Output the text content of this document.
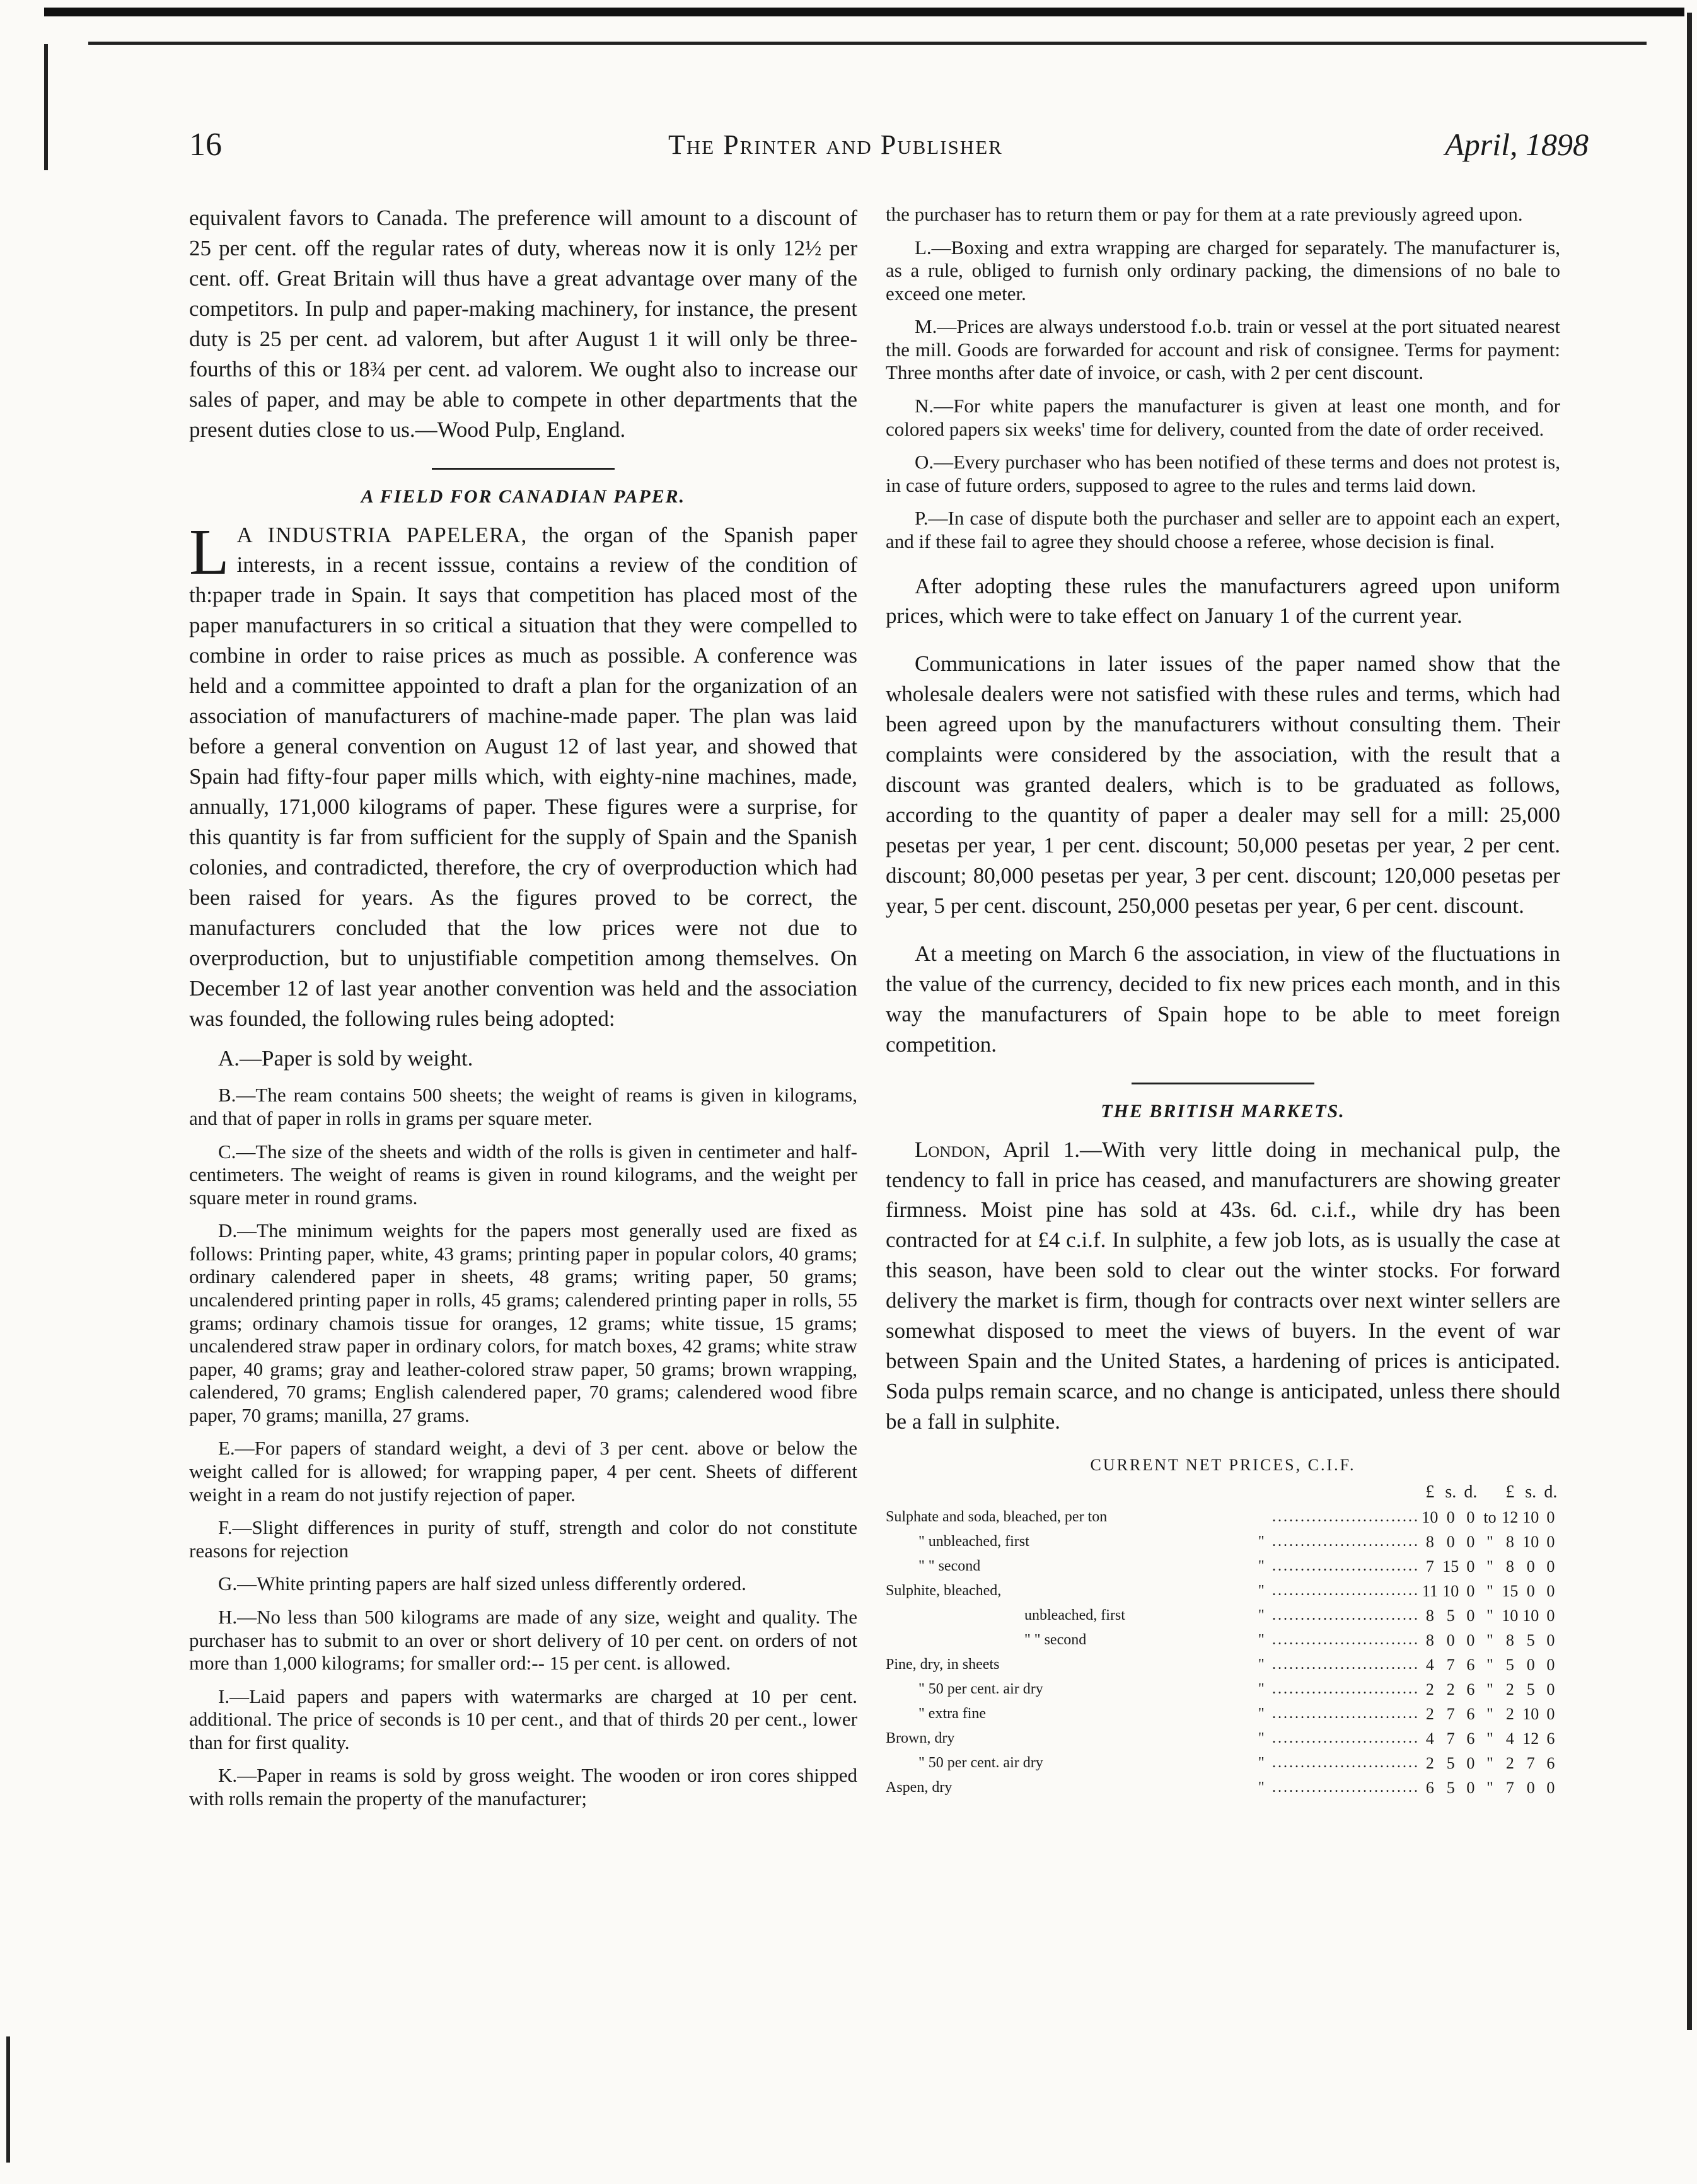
16	The Printer and Publisher	April, 1898

equivalent favors to Canada. The preference will amount to a discount of 25 per cent. off the regular rates of duty, whereas now it is only 12½ per cent. off. Great Britain will thus have a great advantage over many of the competitors. In pulp and paper-making machinery, for instance, the present duty is 25 per cent. ad valorem, but after August 1 it will only be three-fourths of this or 18¾ per cent. ad valorem. We ought also to increase our sales of paper, and may be able to compete in other departments that the present duties close to us.—Wood Pulp, England.

A FIELD FOR CANADIAN PAPER.

L A INDUSTRIA PAPELERA, the organ of the Spanish paper interests, in a recent isssue, contains a review of the condition of th:paper trade in Spain. It says that competition has placed most of the paper manufacturers in so critical a situation that they were compelled to combine in order to raise prices as much as possible. A conference was held and a committee appointed to draft a plan for the organization of an association of manufacturers of machine-made paper. The plan was laid before a general convention on August 12 of last year, and showed that Spain had fifty-four paper mills which, with eighty-nine machines, made, annually, 171,000 kilograms of paper. These figures were a surprise, for this quantity is far from sufficient for the supply of Spain and the Spanish colonies, and contradicted, therefore, the cry of overproduction which had been raised for years. As the figures proved to be correct, the manufacturers concluded that the low prices were not due to overproduction, but to unjustifiable competition among themselves. On December 12 of last year another convention was held and the association was founded, the following rules being adopted:

A.—Paper is sold by weight.

B.—The ream contains 500 sheets; the weight of reams is given in kilograms, and that of paper in rolls in grams per square meter.

C.—The size of the sheets and width of the rolls is given in centimeter and half-centimeters. The weight of reams is given in round kilograms, and the weight per square meter in round grams.

D.—The minimum weights for the papers most generally used are fixed as follows: Printing paper, white, 43 grams; printing paper in popular colors, 40 grams; ordinary calendered paper in sheets, 48 grams; writing paper, 50 grams; uncalendered printing paper in rolls, 45 grams; calendered printing paper in rolls, 55 grams; ordinary chamois tissue for oranges, 12 grams; white tissue, 15 grams; uncalendered straw paper in ordinary colors, for match boxes, 42 grams; white straw paper, 40 grams; gray and leather-colored straw paper, 50 grams; brown wrapping, calendered, 70 grams; English calendered paper, 70 grams; calendered wood fibre paper, 70 grams; manilla, 27 grams.

E.—For papers of standard weight, a devi of 3 per cent. above or below the weight called for is allowed; for wrapping paper, 4 per cent. Sheets of different weight in a ream do not justify rejection of paper.

F.—Slight differences in purity of stuff, strength and color do not constitute reasons for rejection

G.—White printing papers are half sized unless differently ordered.

H.—No less than 500 kilograms are made of any size, weight and quality. The purchaser has to submit to an over or short delivery of 10 per cent. on orders of not more than 1,000 kilograms; for smaller ord:-- 15 per cent. is allowed.

I.—Laid papers and papers with watermarks are charged at 10 per cent. additional. The price of seconds is 10 per cent., and that of thirds 20 per cent., lower than for first quality.

K.—Paper in reams is sold by gross weight. The wooden or iron cores shipped with rolls remain the property of the manufacturer;

the purchaser has to return them or pay for them at a rate previously agreed upon.

L.—Boxing and extra wrapping are charged for separately. The manufacturer is, as a rule, obliged to furnish only ordinary packing, the dimensions of no bale to exceed one meter.

M.—Prices are always understood f.o.b. train or vessel at the port situated nearest the mill. Goods are forwarded for account and risk of consignee. Terms for payment: Three months after date of invoice, or cash, with 2 per cent discount.

N.—For white papers the manufacturer is given at least one month, and for colored papers six weeks' time for delivery, counted from the date of order received.

O.—Every purchaser who has been notified of these terms and does not protest is, in case of future orders, supposed to agree to the rules and terms laid down.

P.—In case of dispute both the purchaser and seller are to appoint each an expert, and if these fail to agree they should choose a referee, whose decision is final.

After adopting these rules the manufacturers agreed upon uniform prices, which were to take effect on January 1 of the current year.

Communications in later issues of the paper named show that the wholesale dealers were not satisfied with these rules and terms, which had been agreed upon by the manufacturers without consulting them. Their complaints were considered by the association, with the result that a discount was granted dealers, which is to be graduated as follows, according to the quantity of paper a dealer may sell for a mill: 25,000 pesetas per year, 1 per cent. discount; 50,000 pesetas per year, 2 per cent. discount; 80,000 pesetas per year, 3 per cent. discount; 120,000 pesetas per year, 5 per cent. discount, 250,000 pesetas per year, 6 per cent. discount.

At a meeting on March 6 the association, in view of the fluctuations in the value of the currency, decided to fix new prices each month, and in this way the manufacturers of Spain hope to be able to meet foreign competition.

THE BRITISH MARKETS.

London, April 1.—With very little doing in mechanical pulp, the tendency to fall in price has ceased, and manufacturers are showing greater firmness. Moist pine has sold at 43s. 6d. c.i.f., while dry has been contracted for at £4 c.i.f. In sulphite, a few job lots, as is usually the case at this season, have been sold to clear out the winter stocks. For forward delivery the market is firm, though for contracts over next winter sellers are somewhat disposed to meet the views of buyers. In the event of war between Spain and the United States, a hardening of prices is anticipated. Soda pulps remain scarce, and no change is anticipated, unless there should be a fall in sulphite.

CURRENT NET PRICES, C.I.F.
			£	s.	d.		£	s.	d.
Sulphate and soda, bleached, per ton		..........................	10	0	0	to	12	10	0
" unbleached, first	"	..........................	8	0	0	"	8	10	0
" " second	"	..........................	7	15	0	"	8	0	0
Sulphite, bleached,	"	..........................	11	10	0	"	15	0	0
unbleached, first	"	..........................	8	5	0	"	10	10	0
" " second	"	..........................	8	0	0	"	8	5	0
Pine, dry, in sheets	"	..........................	4	7	6	"	5	0	0
" 50 per cent. air dry	"	..........................	2	2	6	"	2	5	0
" extra fine	"	..........................	2	7	6	"	2	10	0
Brown, dry	"	..........................	4	7	6	"	4	12	6
" 50 per cent. air dry	"	..........................	2	5	0	"	2	7	6
Aspen, dry	"	..........................	6	5	0	"	7	0	0
